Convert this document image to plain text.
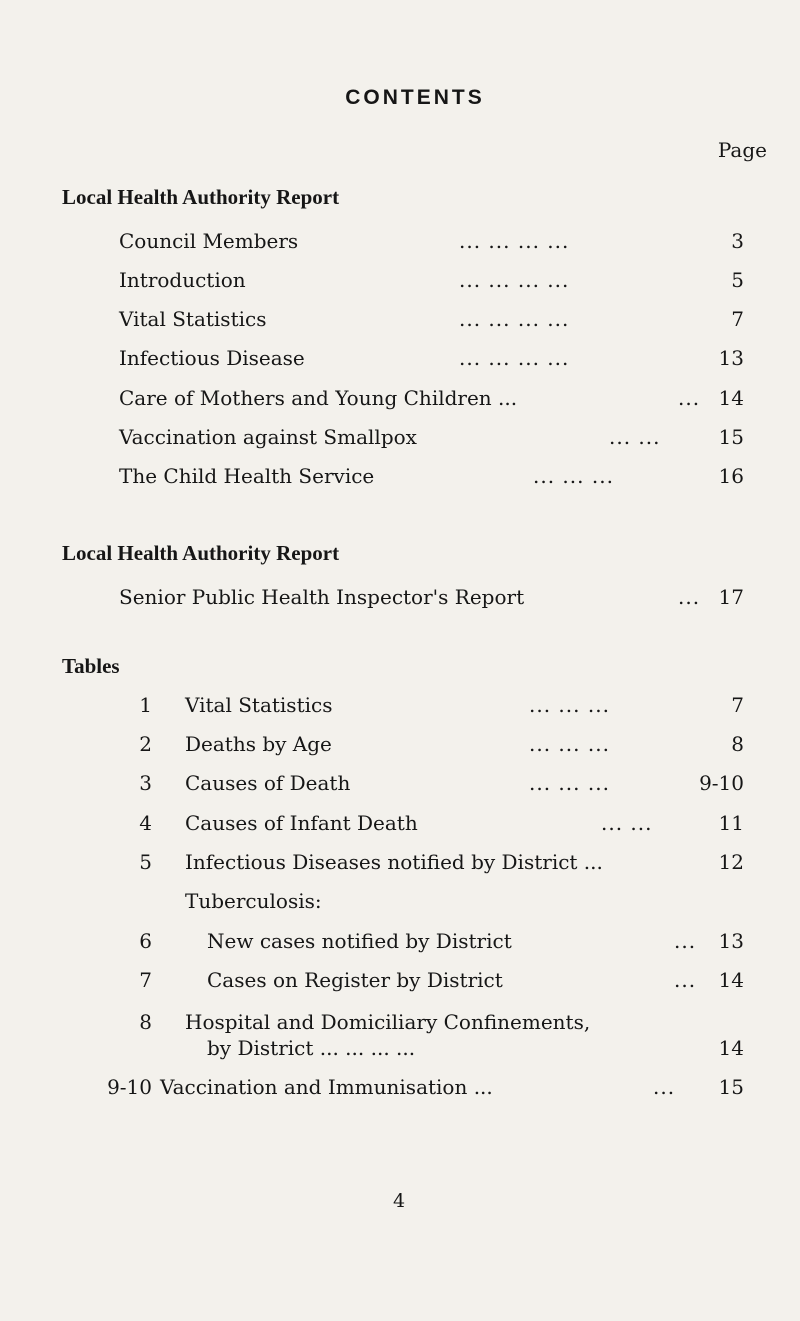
CONTENTS
Page
Local Health Authority Report
Council Members	... ... ... ...	3
Introduction	... ... ... ...	5
Vital Statistics	... ... ... ...	7
Infectious Disease	... ... ... ...	13
Care of Mothers and Young Children ...	... 14
Vaccination against Smallpox	... ...	15
The Child Health Service	... ... ...	16
Local Health Authority Report
Senior Public Health Inspector's Report	... 17
Tables
1 Vital Statistics	... ... ...	7
2 Deaths by Age	... ... ...	8
3 Causes of Death	... ... ...	9-10
4 Causes of Infant Death	... ...	11
5 Infectious Diseases notified by District ...	12
Tuberculosis:
6	New cases notified by District	...	13
7	Cases on Register by District	...	14
8 Hospital and Domiciliary Confinements,
by District ... ... ... ...	14
9-10 Vaccination and Immunisation ...	...	15
4
